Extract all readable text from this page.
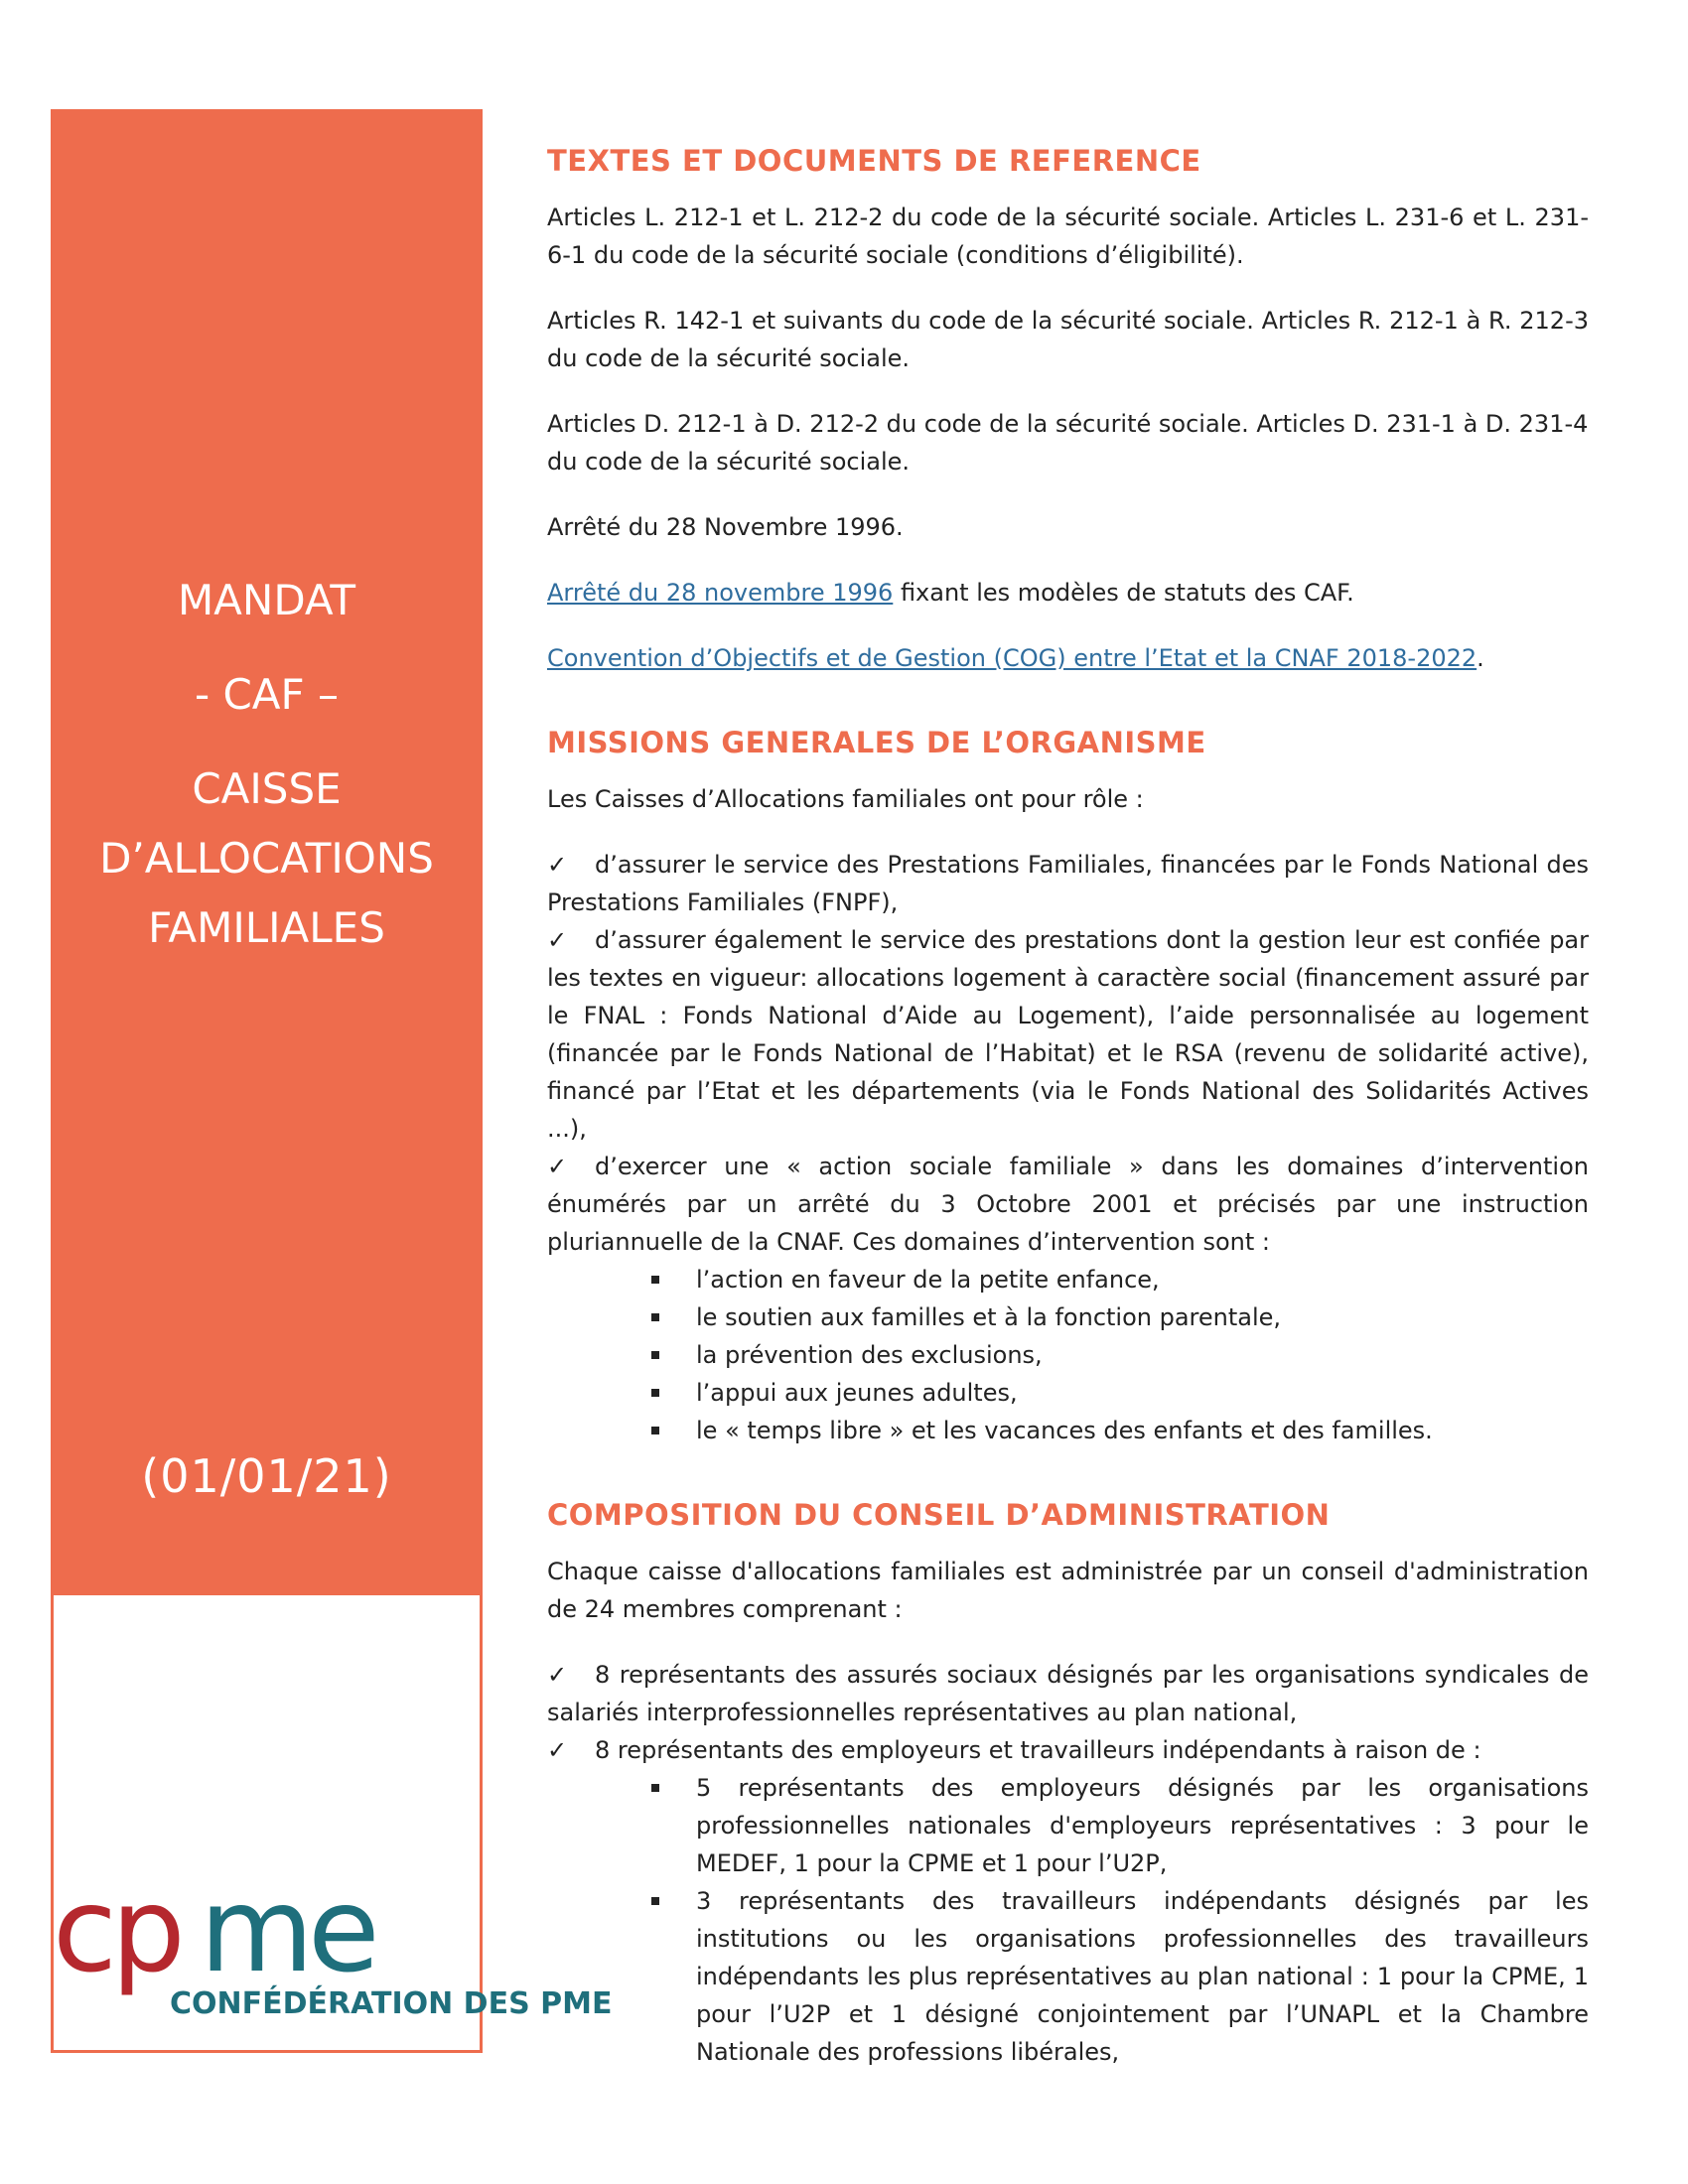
MANDAT
- CAF –
CAISSE
D’ALLOCATIONS
FAMILIALES
(01/01/21)
cp me
CONFÉDÉRATION DES PME
TEXTES ET DOCUMENTS DE REFERENCE

Articles L. 212-1 et L. 212-2 du code de la sécurité sociale. Articles L. 231-6 et L. 231-6-1 du code de la sécurité sociale (conditions d’éligibilité).

Articles R. 142-1 et suivants du code de la sécurité sociale. Articles R. 212-1 à R. 212-3 du code de la sécurité sociale.

Articles D. 212-1 à D. 212-2 du code de la sécurité sociale. Articles D. 231-1 à D. 231-4 du code de la sécurité sociale.

Arrêté du 28 Novembre 1996.

Arrêté du 28 novembre 1996 fixant les modèles de statuts des CAF.

Convention d’Objectifs et de Gestion (COG) entre l’Etat et la CNAF 2018-2022.

MISSIONS GENERALES DE L’ORGANISME

Les Caisses d’Allocations familiales ont pour rôle :

✓ d’assurer le service des Prestations Familiales, financées par le Fonds National des Prestations Familiales (FNPF),
✓ d’assurer également le service des prestations dont la gestion leur est confiée par les textes en vigueur: allocations logement à caractère social (financement assuré par le FNAL : Fonds National d’Aide au Logement), l’aide personnalisée au logement (financée par le Fonds National de l’Habitat) et le RSA (revenu de solidarité active), financé par l’Etat et les départements (via le Fonds National des Solidarités Actives ...),
✓ d’exercer une « action sociale familiale » dans les domaines d’intervention énumérés par un arrêté du 3 Octobre 2001 et précisés par une instruction pluriannuelle de la CNAF. Ces domaines d’intervention sont :
l’action en faveur de la petite enfance,
le soutien aux familles et à la fonction parentale,
la prévention des exclusions,
l’appui aux jeunes adultes,
le « temps libre » et les vacances des enfants et des familles.
COMPOSITION DU CONSEIL D’ADMINISTRATION

Chaque caisse d'allocations familiales est administrée par un conseil d'administration de 24 membres comprenant :

✓ 8 représentants des assurés sociaux désignés par les organisations syndicales de salariés interprofessionnelles représentatives au plan national,
✓ 8 représentants des employeurs et travailleurs indépendants à raison de :
5 représentants des employeurs désignés par les organisations professionnelles nationales d'employeurs représentatives : 3 pour le MEDEF, 1 pour la CPME et 1 pour l’U2P,
3 représentants des travailleurs indépendants désignés par les institutions ou les organisations professionnelles des travailleurs indépendants les plus représentatives au plan national : 1 pour la CPME, 1 pour l’U2P et 1 désigné conjointement par l’UNAPL et la Chambre Nationale des professions libérales,
